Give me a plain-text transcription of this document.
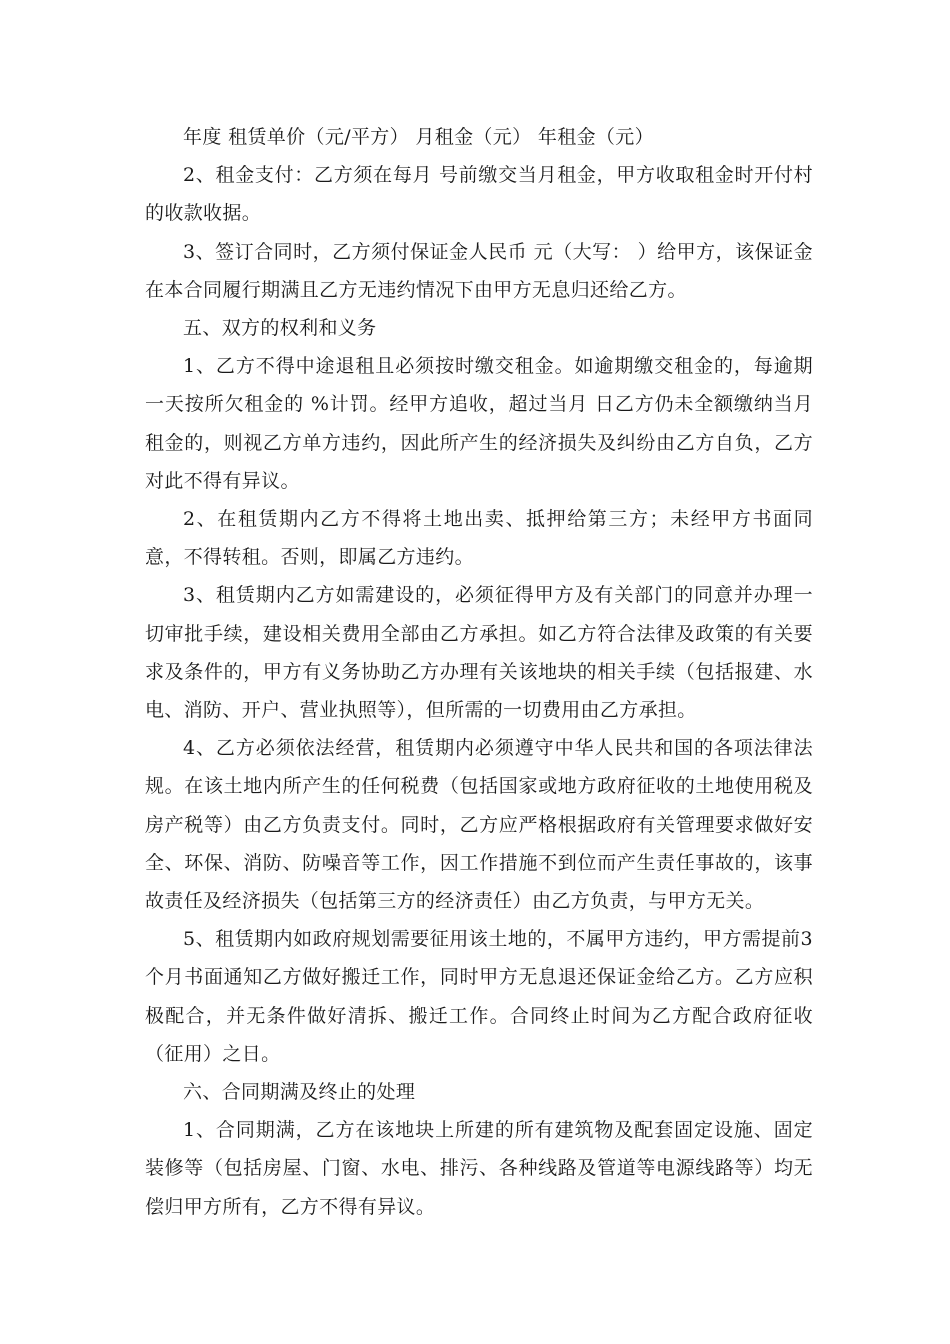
年度 租赁单价（元/平方） 月租金（元） 年租金（元）

2、租金支付：乙方须在每月 号前缴交当月租金，甲方收取租金时开付村的收款收据。

3、签订合同时，乙方须付保证金人民币 元（大写： ）给甲方，该保证金在本合同履行期满且乙方无违约情况下由甲方无息归还给乙方。

五、双方的权利和义务

1、乙方不得中途退租且必须按时缴交租金。如逾期缴交租金的，每逾期一天按所欠租金的 %计罚。经甲方追收，超过当月 日乙方仍未全额缴纳当月租金的，则视乙方单方违约，因此所产生的经济损失及纠纷由乙方自负，乙方对此不得有异议。

2、在租赁期内乙方不得将土地出卖、抵押给第三方；未经甲方书面同意，不得转租。否则，即属乙方违约。

3、租赁期内乙方如需建设的，必须征得甲方及有关部门的同意并办理一切审批手续，建设相关费用全部由乙方承担。如乙方符合法律及政策的有关要求及条件的，甲方有义务协助乙方办理有关该地块的相关手续（包括报建、水电、消防、开户、营业执照等），但所需的一切费用由乙方承担。

4、乙方必须依法经营，租赁期内必须遵守中华人民共和国的各项法律法规。在该土地内所产生的任何税费（包括国家或地方政府征收的土地使用税及房产税等）由乙方负责支付。同时，乙方应严格根据政府有关管理要求做好安全、环保、消防、防噪音等工作，因工作措施不到位而产生责任事故的，该事故责任及经济损失（包括第三方的经济责任）由乙方负责，与甲方无关。

5、租赁期内如政府规划需要征用该土地的，不属甲方违约，甲方需提前3个月书面通知乙方做好搬迁工作，同时甲方无息退还保证金给乙方。乙方应积极配合，并无条件做好清拆、搬迁工作。合同终止时间为乙方配合政府征收（征用）之日。

六、合同期满及终止的处理

1、合同期满，乙方在该地块上所建的所有建筑物及配套固定设施、固定装修等（包括房屋、门窗、水电、排污、各种线路及管道等电源线路等）均无偿归甲方所有，乙方不得有异议。
